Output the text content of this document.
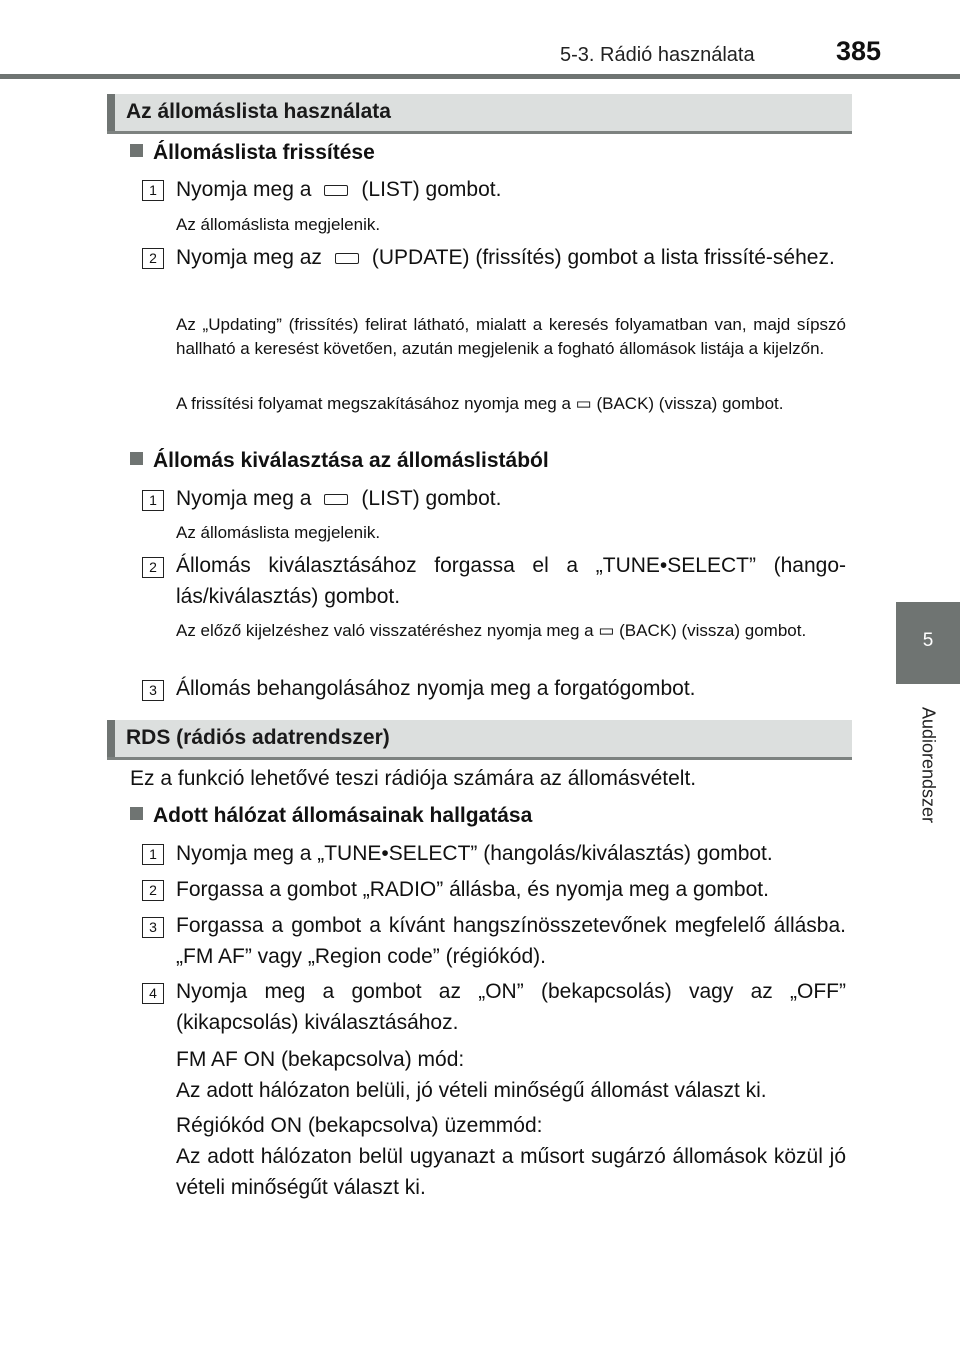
5-3. Rádió használata	385
5
Audiorendszer
Az állomáslista használata
Állomáslista frissítése
1 Nyomja meg a (LIST) gombot.
Az állomáslista megjelenik.
2 Nyomja meg az (UPDATE) (frissítés) gombot a lista frissíté-séhez.
Az „Updating” (frissítés) felirat látható, mialatt a keresés folyamatban van, majd sípszó hallható a keresést követően, azután megjelenik a fogható állomások listája a kijelzőn.
A frissítési folyamat megszakításához nyomja meg a ▭ (BACK) (vissza) gombot.
Állomás kiválasztása az állomáslistából
1 Nyomja meg a (LIST) gombot.
Az állomáslista megjelenik.
2 Állomás kiválasztásához forgassa el a „TUNE•SELECT” (hango-lás/kiválasztás) gombot.
Az előző kijelzéshez való visszatéréshez nyomja meg a ▭ (BACK) (vissza) gombot.
3 Állomás behangolásához nyomja meg a forgatógombot.
RDS (rádiós adatrendszer)
Ez a funkció lehetővé teszi rádiója számára az állomásvételt.
Adott hálózat állomásainak hallgatása
1 Nyomja meg a „TUNE•SELECT” (hangolás/kiválasztás) gombot.
2 Forgassa a gombot „RADIO” állásba, és nyomja meg a gombot.
3 Forgassa a gombot a kívánt hangszínösszetevőnek megfelelő állásba. „FM AF” vagy „Region code” (régiókód).
4 Nyomja meg a gombot az „ON” (bekapcsolás) vagy az „OFF” (kikapcsolás) kiválasztásához.
FM AF ON (bekapcsolva) mód:
Az adott hálózaton belüli, jó vételi minőségű állomást választ ki.
Régiókód ON (bekapcsolva) üzemmód:
Az adott hálózaton belül ugyanazt a műsort sugárzó állomások közül jó vételi minőségűt választ ki.
